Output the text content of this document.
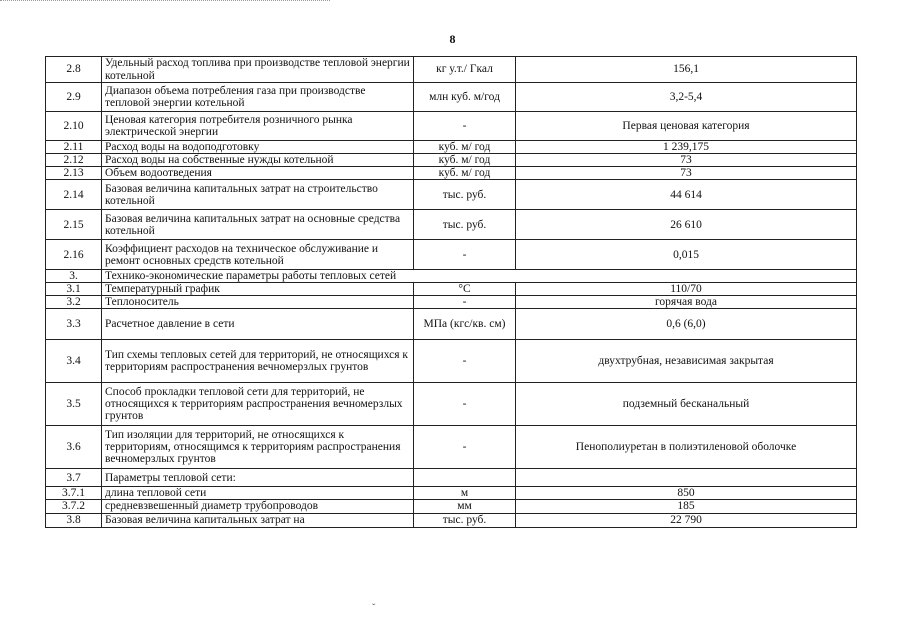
8
2.8	Удельный расход топлива при производстве тепловой энергии котельной	кг у.т./ Гкал	156,1
2.9	Диапазон объема потребления газа при производстве тепловой энергии котельной	млн куб. м/год	3,2-5,4
2.10	Ценовая категория потребителя розничного рынка электрической энергии	-	Первая ценовая категория
2.11	Расход воды на водоподготовку	куб. м/ год	1 239,175
2.12	Расход воды на собственные нужды котельной	куб. м/ год	73
2.13	Объем водоотведения	куб. м/ год	73
2.14	Базовая величина капитальных затрат на строительство котельной	тыс. руб.	44 614
2.15	Базовая величина капитальных затрат на основные средства котельной	тыс. руб.	26 610
2.16	Коэффициент расходов на техническое обслуживание и ремонт основных средств котельной	-	0,015
3.	Технико-экономические параметры работы тепловых сетей		
3.1	Температурный график	°С	110/70
3.2	Теплоноситель	-	горячая вода
3.3	Расчетное давление в сети	МПа (кгс/кв. см)	0,6 (6,0)
3.4	Тип схемы тепловых сетей для территорий, не относящихся к территориям распространения вечномерзлых грунтов	-	двухтрубная, независимая закрытая
3.5	Способ прокладки тепловой сети для территорий, не относящихся к территориям распространения вечномерзлых грунтов	-	подземный бесканальный
3.6	Тип изоляции для территорий, не относящихся к территориям, относящимся к территориям распространения вечномерзлых грунтов	-	Пенополиуретан в полиэтиленовой оболочке
3.7	Параметры тепловой сети:		
3.7.1	длина тепловой сети	м	850
3.7.2	средневзвешенный диаметр трубопроводов	мм	185
3.8	Базовая величина капитальных затрат на	тыс. руб.	22 790
ˇ
